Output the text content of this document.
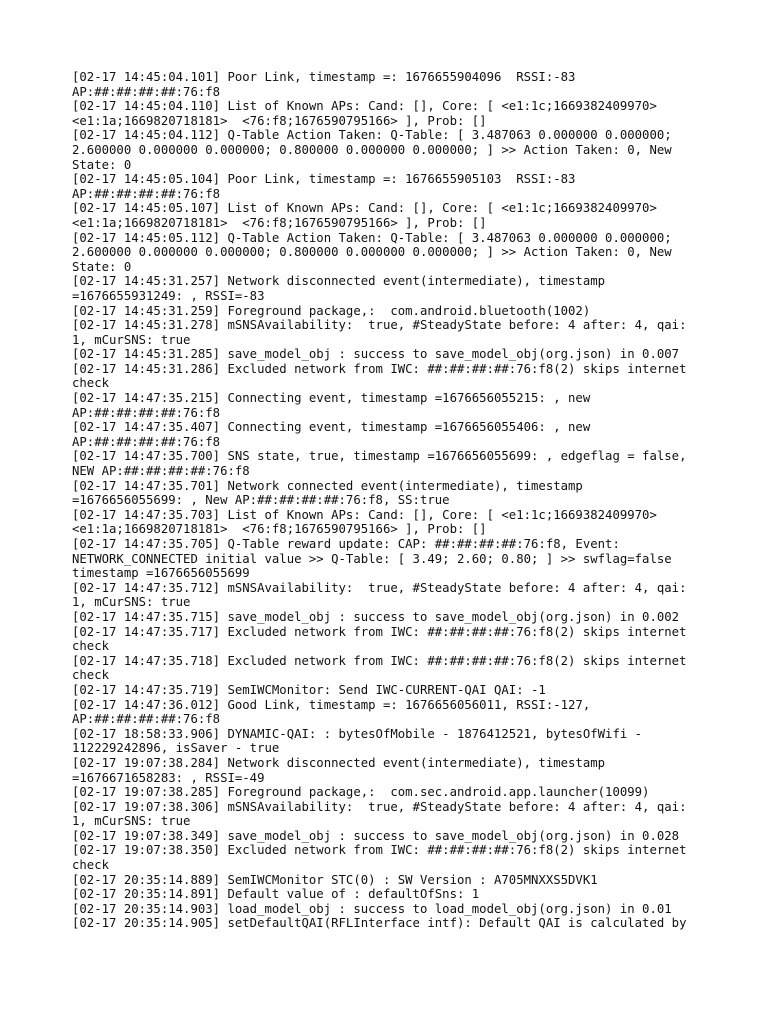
[02-17 14:45:04.101] Poor Link, timestamp =: 1676655904096  RSSI:-83
AP:##:##:##:##:76:f8
[02-17 14:45:04.110] List of Known APs: Cand: [], Core: [ <e1:1c;1669382409970>
<e1:1a;1669820718181>  <76:f8;1676590795166> ], Prob: []
[02-17 14:45:04.112] Q-Table Action Taken: Q-Table: [ 3.487063 0.000000 0.000000;
2.600000 0.000000 0.000000; 0.800000 0.000000 0.000000; ] >> Action Taken: 0, New
State: 0
[02-17 14:45:05.104] Poor Link, timestamp =: 1676655905103  RSSI:-83
AP:##:##:##:##:76:f8
[02-17 14:45:05.107] List of Known APs: Cand: [], Core: [ <e1:1c;1669382409970>
<e1:1a;1669820718181>  <76:f8;1676590795166> ], Prob: []
[02-17 14:45:05.112] Q-Table Action Taken: Q-Table: [ 3.487063 0.000000 0.000000;
2.600000 0.000000 0.000000; 0.800000 0.000000 0.000000; ] >> Action Taken: 0, New
State: 0
[02-17 14:45:31.257] Network disconnected event(intermediate), timestamp
=1676655931249: , RSSI=-83
[02-17 14:45:31.259] Foreground package,:  com.android.bluetooth(1002)
[02-17 14:45:31.278] mSNSAvailability:  true, #SteadyState before: 4 after: 4, qai:
1, mCurSNS: true
[02-17 14:45:31.285] save_model_obj : success to save_model_obj(org.json) in 0.007
[02-17 14:45:31.286] Excluded network from IWC: ##:##:##:##:76:f8(2) skips internet
check
[02-17 14:47:35.215] Connecting event, timestamp =1676656055215: , new
AP:##:##:##:##:76:f8
[02-17 14:47:35.407] Connecting event, timestamp =1676656055406: , new
AP:##:##:##:##:76:f8
[02-17 14:47:35.700] SNS state, true, timestamp =1676656055699: , edgeflag = false,
NEW AP:##:##:##:##:76:f8
[02-17 14:47:35.701] Network connected event(intermediate), timestamp
=1676656055699: , New AP:##:##:##:##:76:f8, SS:true
[02-17 14:47:35.703] List of Known APs: Cand: [], Core: [ <e1:1c;1669382409970>
<e1:1a;1669820718181>  <76:f8;1676590795166> ], Prob: []
[02-17 14:47:35.705] Q-Table reward update: CAP: ##:##:##:##:76:f8, Event:
NETWORK_CONNECTED initial value >> Q-Table: [ 3.49; 2.60; 0.80; ] >> swflag=false
timestamp =1676656055699
[02-17 14:47:35.712] mSNSAvailability:  true, #SteadyState before: 4 after: 4, qai:
1, mCurSNS: true
[02-17 14:47:35.715] save_model_obj : success to save_model_obj(org.json) in 0.002
[02-17 14:47:35.717] Excluded network from IWC: ##:##:##:##:76:f8(2) skips internet
check
[02-17 14:47:35.718] Excluded network from IWC: ##:##:##:##:76:f8(2) skips internet
check
[02-17 14:47:35.719] SemIWCMonitor: Send IWC-CURRENT-QAI QAI: -1
[02-17 14:47:36.012] Good Link, timestamp =: 1676656056011, RSSI:-127,
AP:##:##:##:##:76:f8
[02-17 18:58:33.906] DYNAMIC-QAI: : bytesOfMobile - 1876412521, bytesOfWifi -
112229242896, isSaver - true
[02-17 19:07:38.284] Network disconnected event(intermediate), timestamp
=1676671658283: , RSSI=-49
[02-17 19:07:38.285] Foreground package,:  com.sec.android.app.launcher(10099)
[02-17 19:07:38.306] mSNSAvailability:  true, #SteadyState before: 4 after: 4, qai:
1, mCurSNS: true
[02-17 19:07:38.349] save_model_obj : success to save_model_obj(org.json) in 0.028
[02-17 19:07:38.350] Excluded network from IWC: ##:##:##:##:76:f8(2) skips internet
check
[02-17 20:35:14.889] SemIWCMonitor STC(0) : SW Version : A705MNXXS5DVK1
[02-17 20:35:14.891] Default value of : defaultOfSns: 1
[02-17 20:35:14.903] load_model_obj : success to load_model_obj(org.json) in 0.01
[02-17 20:35:14.905] setDefaultQAI(RFLInterface intf): Default QAI is calculated by
